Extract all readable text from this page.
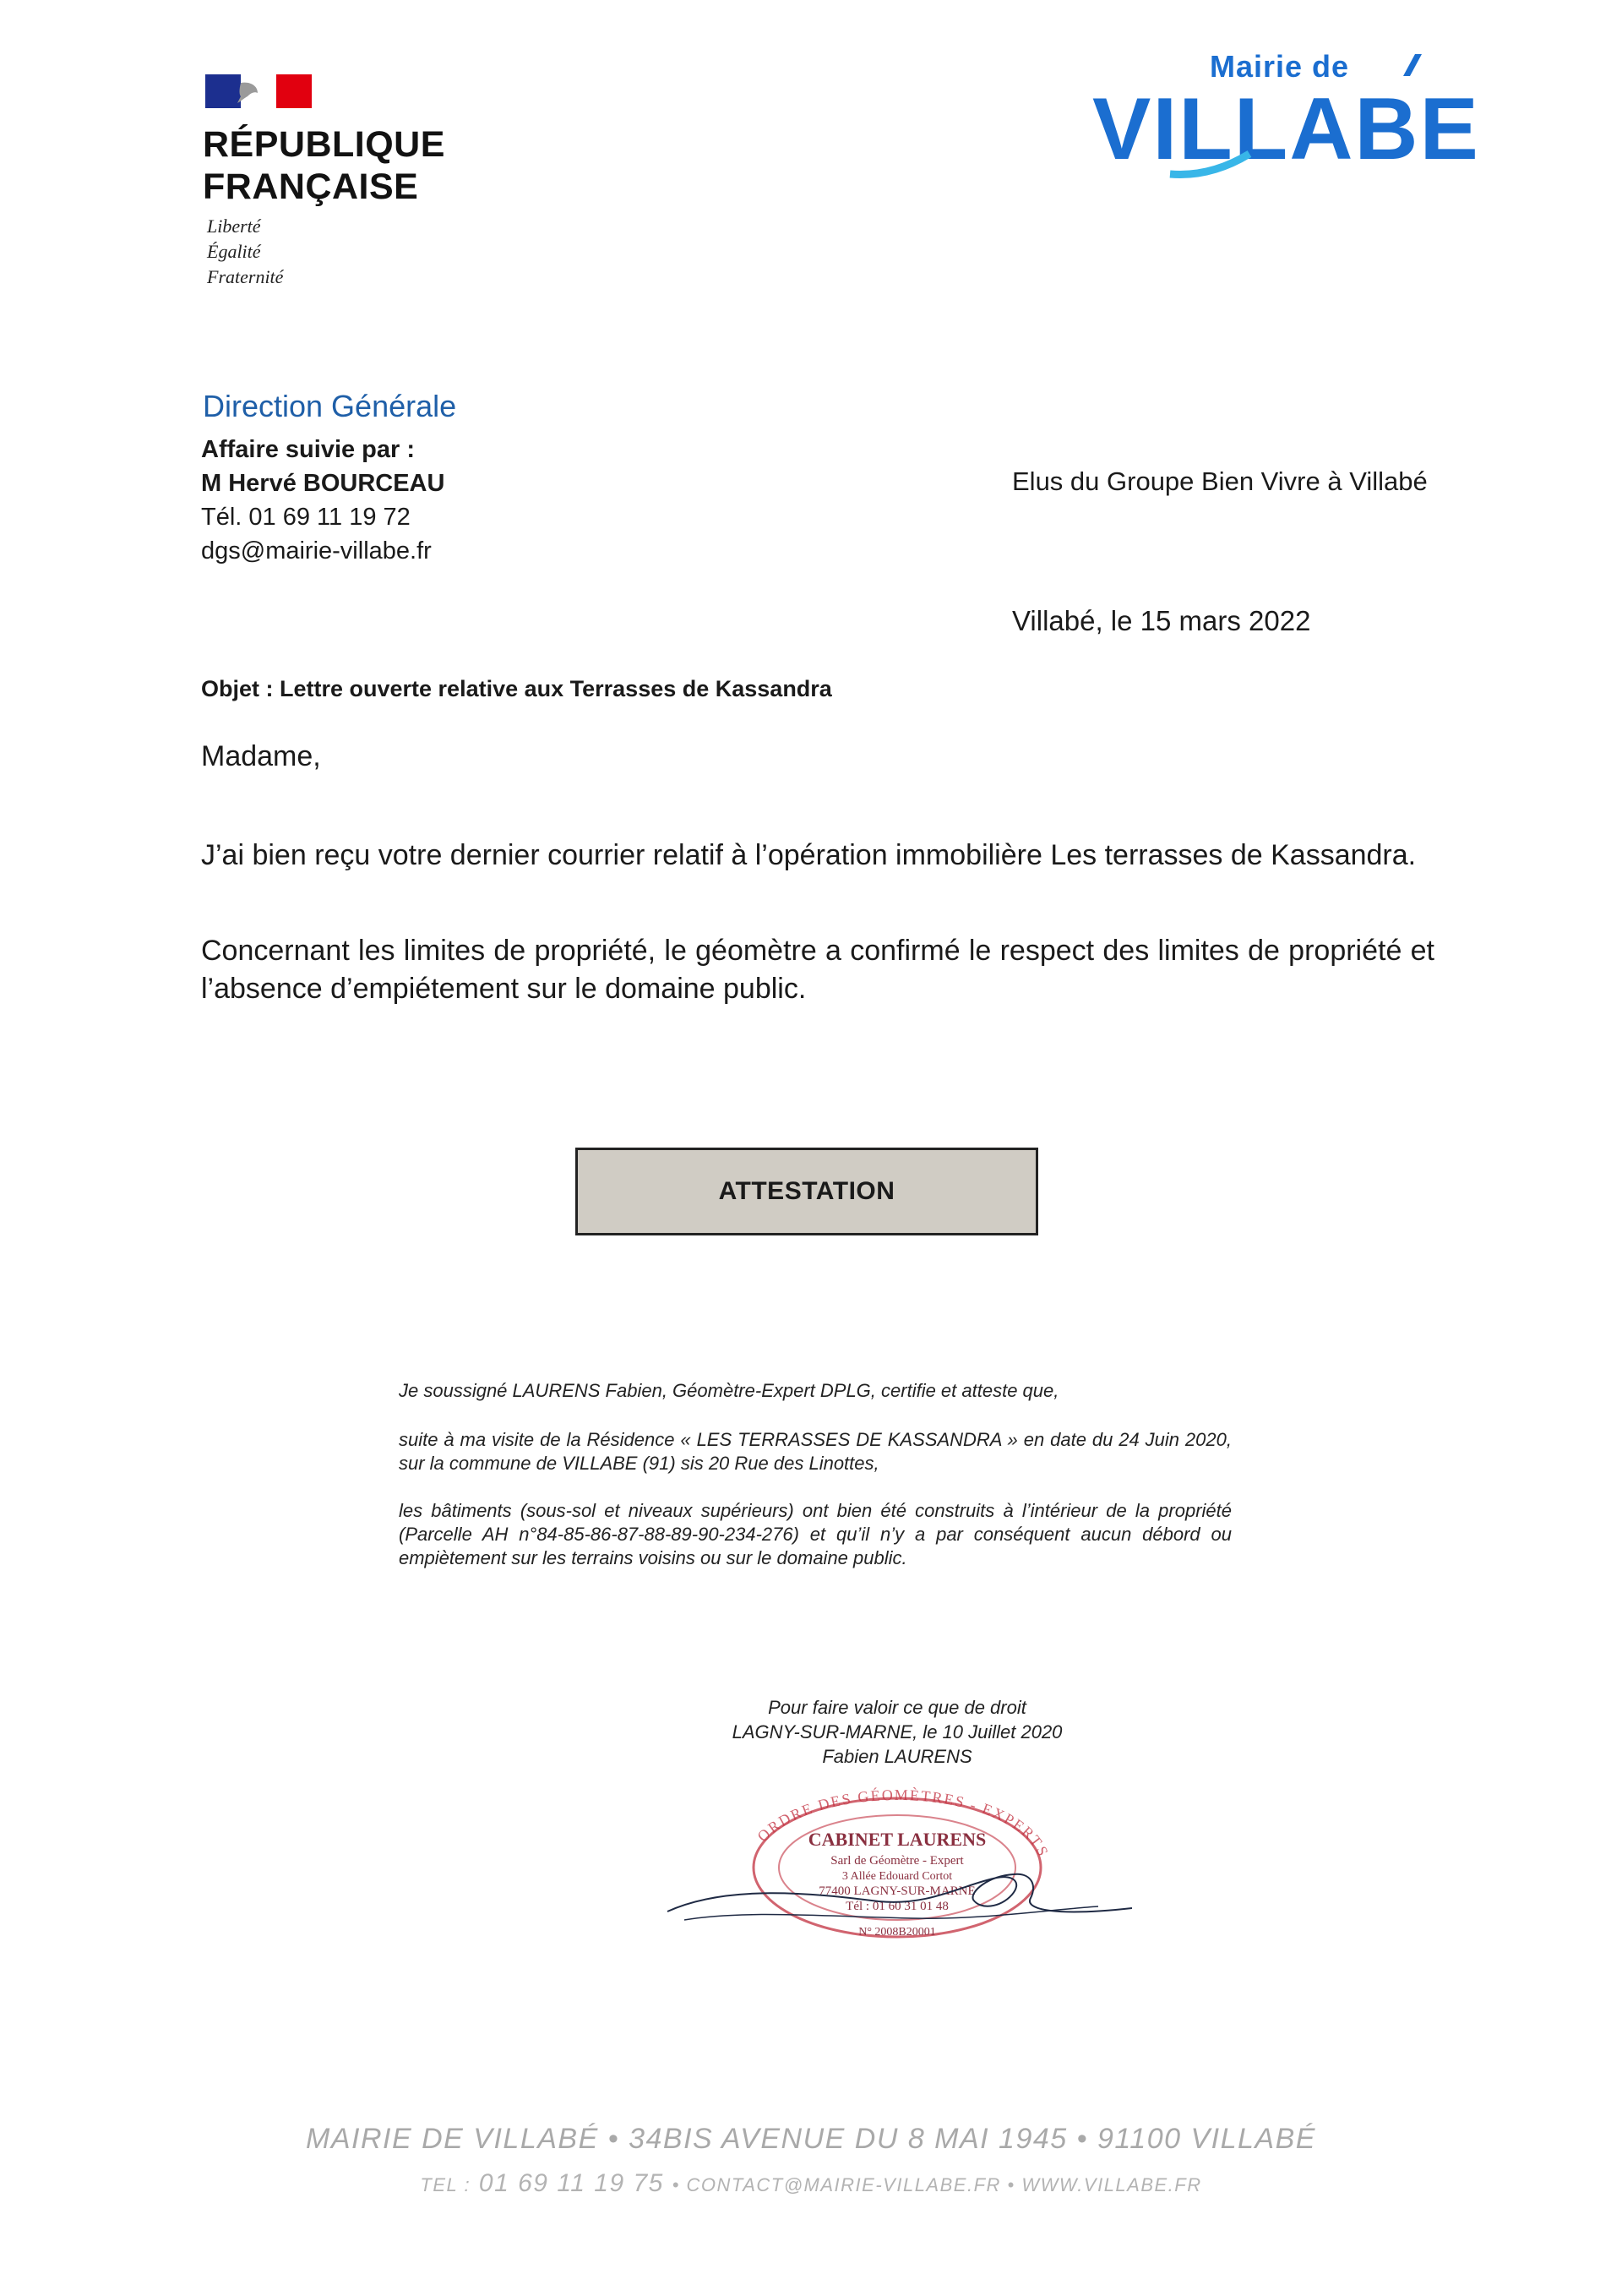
RÉPUBLIQUE
FRANÇAISE
Liberté
Égalité
Fraternité
Mairie de
VILLABE
Direction Générale
Affaire suivie par :
M Hervé BOURCEAU
Tél. 01 69 11 19 72
dgs@mairie-villabe.fr
Elus du Groupe Bien Vivre à Villabé
Villabé, le 15 mars 2022
Objet : Lettre ouverte relative aux Terrasses de Kassandra
Madame,
J’ai bien reçu votre dernier courrier relatif à l’opération immobilière Les terrasses de Kassandra.
Concernant les limites de propriété, le géomètre a confirmé le respect des limites de propriété et l’absence d’empiétement sur le domaine public.
ATTESTATION
Je soussigné LAURENS Fabien, Géomètre-Expert DPLG, certifie et atteste que,
suite à ma visite de la Résidence « LES TERRASSES DE KASSANDRA » en date du 24 Juin 2020, sur la commune de VILLABE (91) sis 20 Rue des Linottes,
les bâtiments (sous-sol et niveaux supérieurs) ont bien été construits à l’intérieur de la propriété (Parcelle AH n°84-85-86-87-88-89-90-234-276) et qu’il n’y a par conséquent aucun débord ou empiètement sur les terrains voisins ou sur le domaine public.
Pour faire valoir ce que de droit
LAGNY-SUR-MARNE, le 10 Juillet 2020
Fabien LAURENS
ORDRE DES GÉOMÈTRES - EXPERTS
CABINET LAURENS
Sarl de Géomètre - Expert
3 Allée Edouard Cortot
77400 LAGNY-SUR-MARNE
Tél : 01 60 31 01 48
N° 2008B20001
MAIRIE DE VILLABÉ • 34BIS AVENUE DU 8 MAI 1945 • 91100 VILLABÉ
TEL : 01 69 11 19 75 • CONTACT@MAIRIE-VILLABE.FR • WWW.VILLABE.FR
